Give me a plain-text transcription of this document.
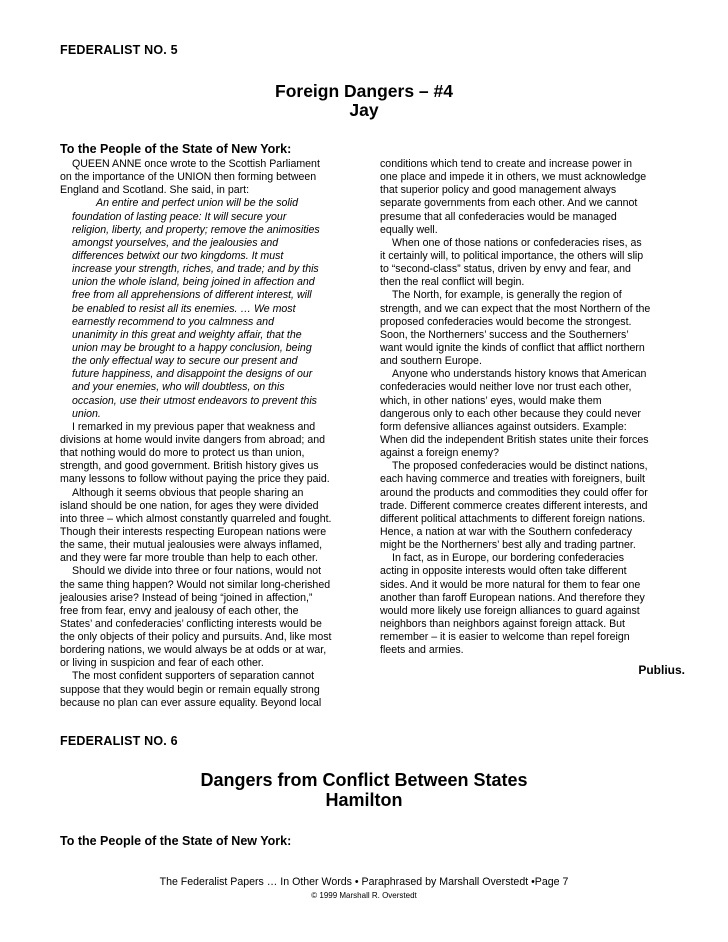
FEDERALIST NO. 5
Foreign Dangers – #4
Jay
To the People of the State of New York:
QUEEN ANNE once wrote to the Scottish Parliament
on the importance of the UNION then forming between
England and Scotland. She said, in part:
An entire and perfect union will be the solid
foundation of lasting peace: It will secure your
religion, liberty, and property; remove the animosities
amongst yourselves, and the jealousies and
differences betwixt our two kingdoms. It must
increase your strength, riches, and trade; and by this
union the whole island, being joined in affection and
free from all apprehensions of different interest, will
be enabled to resist all its enemies. … We most
earnestly recommend to you calmness and
unanimity in this great and weighty affair, that the
union may be brought to a happy conclusion, being
the only effectual way to secure our present and
future happiness, and disappoint the designs of our
and your enemies, who will doubtless, on this
occasion, use their utmost endeavors to prevent this
union.
I remarked in my previous paper that weakness and
divisions at home would invite dangers from abroad; and
that nothing would do more to protect us than union,
strength, and good government. British history gives us
many lessons to follow without paying the price they paid.
Although it seems obvious that people sharing an
island should be one nation, for ages they were divided
into three – which almost constantly quarreled and fought.
Though their interests respecting European nations were
the same, their mutual jealousies were always inflamed,
and they were far more trouble than help to each other.
Should we divide into three or four nations, would not
the same thing happen? Would not similar long-cherished
jealousies arise? Instead of being “joined in affection,”
free from fear, envy and jealousy of each other, the
States’ and confederacies’ conflicting interests would be
the only objects of their policy and pursuits. And, like most
bordering nations, we would always be at odds or at war,
or living in suspicion and fear of each other.
The most confident supporters of separation cannot
suppose that they would begin or remain equally strong
because no plan can ever assure equality. Beyond local
conditions which tend to create and increase power in
one place and impede it in others, we must acknowledge
that superior policy and good management always
separate governments from each other. And we cannot
presume that all confederacies would be managed
equally well.
When one of those nations or confederacies rises, as
it certainly will, to political importance, the others will slip
to “second-class” status, driven by envy and fear, and
then the real conflict will begin.
The North, for example, is generally the region of
strength, and we can expect that the most Northern of the
proposed confederacies would become the strongest.
Soon, the Northerners’ success and the Southerners’
want would ignite the kinds of conflict that afflict northern
and southern Europe.
Anyone who understands history knows that American
confederacies would neither love nor trust each other,
which, in other nations’ eyes, would make them
dangerous only to each other because they could never
form defensive alliances against outsiders. Example:
When did the independent British states unite their forces
against a foreign enemy?
The proposed confederacies would be distinct nations,
each having commerce and treaties with foreigners, built
around the products and commodities they could offer for
trade. Different commerce creates different interests, and
different political attachments to different foreign nations.
Hence, a nation at war with the Southern confederacy
might be the Northerners’ best ally and trading partner.
In fact, as in Europe, our bordering confederacies
acting in opposite interests would often take different
sides. And it would be more natural for them to fear one
another than faroff European nations. And therefore they
would more likely use foreign alliances to guard against
neighbors than neighbors against foreign attack. But
remember – it is easier to welcome than repel foreign
fleets and armies.
Publius.
FEDERALIST NO. 6
Dangers from Conflict Between States
Hamilton
To the People of the State of New York:
The Federalist Papers … In Other Words • Paraphrased by Marshall Overstedt •Page 7
© 1999 Marshall R. Overstedt
